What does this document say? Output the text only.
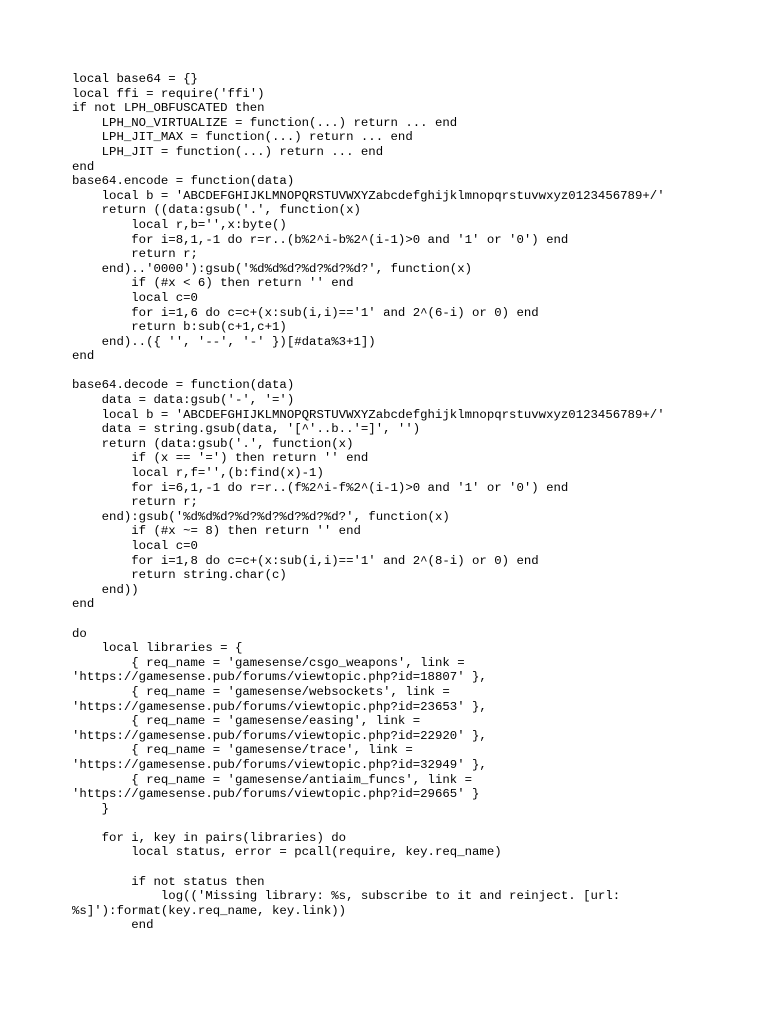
local base64 = {}
local ffi = require('ffi')
if not LPH_OBFUSCATED then
LPH_NO_VIRTUALIZE = function(...) return ... end
LPH_JIT_MAX = function(...) return ... end
LPH_JIT = function(...) return ... end
end
base64.encode = function(data)
local b = 'ABCDEFGHIJKLMNOPQRSTUVWXYZabcdefghijklmnopqrstuvwxyz0123456789+/'
return ((data:gsub('.', function(x)
local r,b='',x:byte()
for i=8,1,-1 do r=r..(b%2^i-b%2^(i-1)>0 and '1' or '0') end
return r;
end)..'0000'):gsub('%d%d%d?%d?%d?%d?', function(x)
if (#x < 6) then return '' end
local c=0
for i=1,6 do c=c+(x:sub(i,i)=='1' and 2^(6-i) or 0) end
return b:sub(c+1,c+1)
end)..({ '', '--', '-' })[#data%3+1])
end
base64.decode = function(data)
data = data:gsub('-', '=')
local b = 'ABCDEFGHIJKLMNOPQRSTUVWXYZabcdefghijklmnopqrstuvwxyz0123456789+/'
data = string.gsub(data, '[^'..b..'=]', '')
return (data:gsub('.', function(x)
if (x == '=') then return '' end
local r,f='',(b:find(x)-1)
for i=6,1,-1 do r=r..(f%2^i-f%2^(i-1)>0 and '1' or '0') end
return r;
end):gsub('%d%d%d?%d?%d?%d?%d?%d?', function(x)
if (#x ~= 8) then return '' end
local c=0
for i=1,8 do c=c+(x:sub(i,i)=='1' and 2^(8-i) or 0) end
return string.char(c)
end))
end
do
local libraries = {
{ req_name = 'gamesense/csgo_weapons', link =
'https://gamesense.pub/forums/viewtopic.php?id=18807' },
{ req_name = 'gamesense/websockets', link =
'https://gamesense.pub/forums/viewtopic.php?id=23653' },
{ req_name = 'gamesense/easing', link =
'https://gamesense.pub/forums/viewtopic.php?id=22920' },
{ req_name = 'gamesense/trace', link =
'https://gamesense.pub/forums/viewtopic.php?id=32949' },
{ req_name = 'gamesense/antiaim_funcs', link =
'https://gamesense.pub/forums/viewtopic.php?id=29665' }
}
for i, key in pairs(libraries) do
local status, error = pcall(require, key.req_name)
if not status then
log(('Missing library: %s, subscribe to it and reinject. [url:
%s]'):format(key.req_name, key.link))
end
